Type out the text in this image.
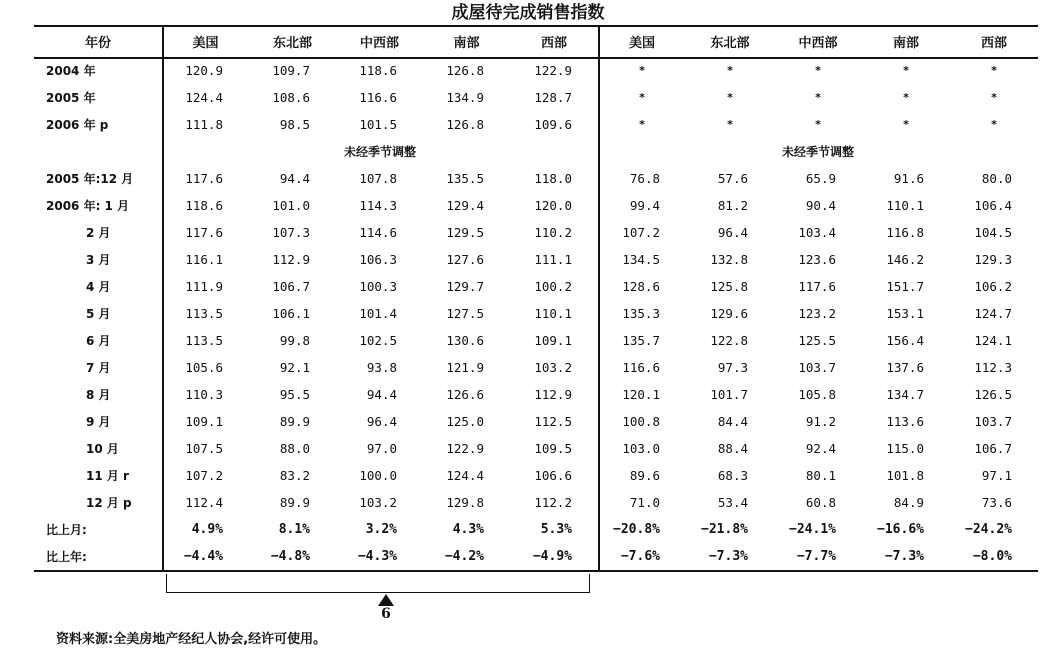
成屋待完成销售指数
年份	美国	东北部	中西部	南部	西部	美国	东北部	中西部	南部	西部
2004 年	120.9	109.7	118.6	126.8	122.9	*	*	*	*	*
2005 年	124.4	108.6	116.6	134.9	128.7	*	*	*	*	*
2006 年 p	111.8	98.5	101.5	126.8	109.6	*	*	*	*	*
	未经季节调整					未经季节调整				
2005 年:12 月	117.6	94.4	107.8	135.5	118.0	76.8	57.6	65.9	91.6	80.0
2006 年: 1 月	118.6	101.0	114.3	129.4	120.0	99.4	81.2	90.4	110.1	106.4
2 月	117.6	107.3	114.6	129.5	110.2	107.2	96.4	103.4	116.8	104.5
3 月	116.1	112.9	106.3	127.6	111.1	134.5	132.8	123.6	146.2	129.3
4 月	111.9	106.7	100.3	129.7	100.2	128.6	125.8	117.6	151.7	106.2
5 月	113.5	106.1	101.4	127.5	110.1	135.3	129.6	123.2	153.1	124.7
6 月	113.5	99.8	102.5	130.6	109.1	135.7	122.8	125.5	156.4	124.1
7 月	105.6	92.1	93.8	121.9	103.2	116.6	97.3	103.7	137.6	112.3
8 月	110.3	95.5	94.4	126.6	112.9	120.1	101.7	105.8	134.7	126.5
9 月	109.1	89.9	96.4	125.0	112.5	100.8	84.4	91.2	113.6	103.7
10 月	107.5	88.0	97.0	122.9	109.5	103.0	88.4	92.4	115.0	106.7
11 月 r	107.2	83.2	100.0	124.4	106.6	89.6	68.3	80.1	101.8	97.1
12 月 p	112.4	89.9	103.2	129.8	112.2	71.0	53.4	60.8	84.9	73.6
比上月:	4.9%	8.1%	3.2%	4.3%	5.3%	−20.8%	−21.8%	−24.1%	−16.6%	−24.2%
比上年:	−4.4%	−4.8%	−4.3%	−4.2%	−4.9%	−7.6%	−7.3%	−7.7%	−7.3%	−8.0%
6
资料来源:全美房地产经纪人协会,经许可使用。
